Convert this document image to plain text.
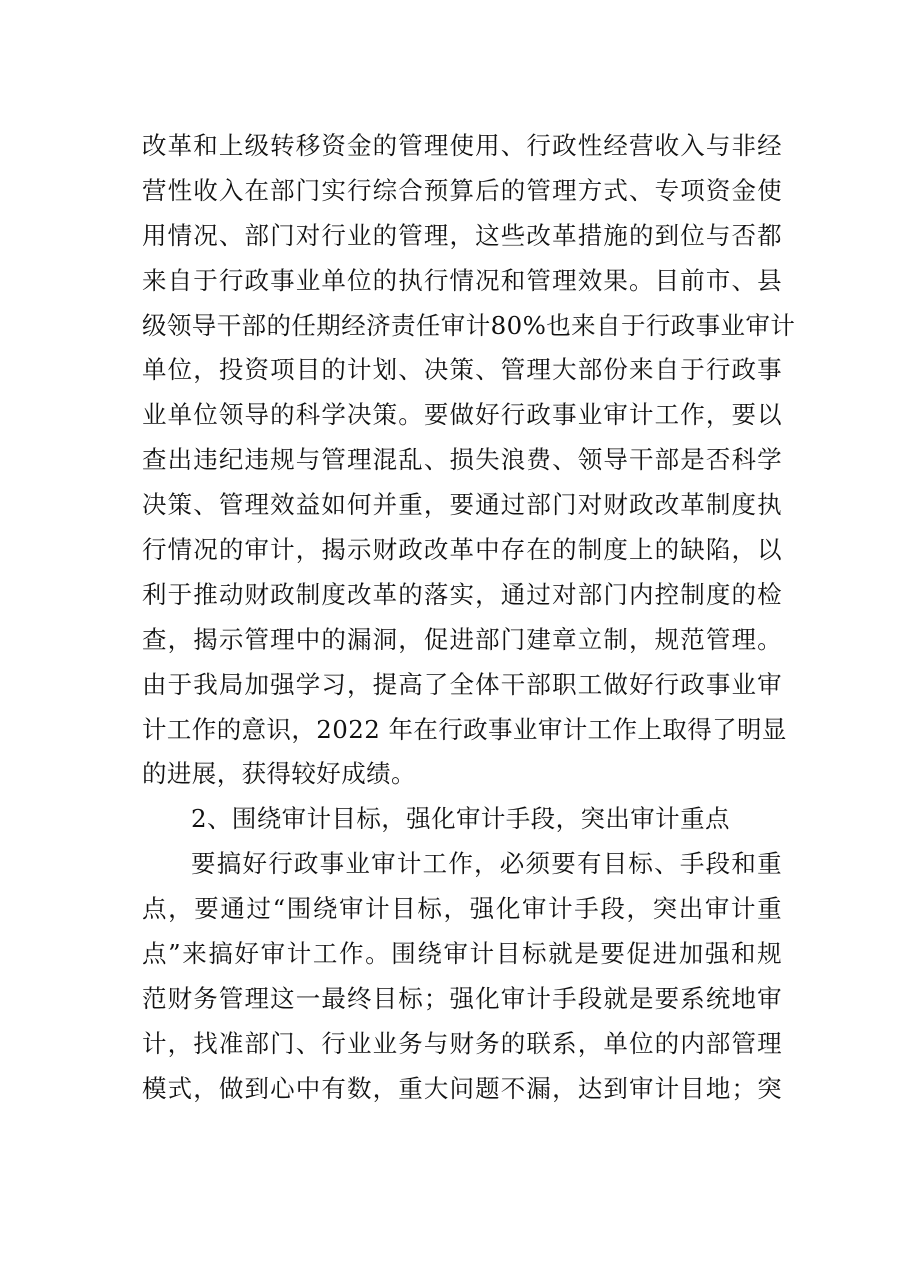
改革和上级转移资金的管理使用、行政性经营收入与非经
营性收入在部门实行综合预算后的管理方式、专项资金使
用情况、部门对行业的管理，这些改革措施的到位与否都
来自于行政事业单位的执行情况和管理效果。目前市、县
级领导干部的任期经济责任审计80%也来自于行政事业审计
单位，投资项目的计划、决策、管理大部份来自于行政事
业单位领导的科学决策。要做好行政事业审计工作，要以
查出违纪违规与管理混乱、损失浪费、领导干部是否科学
决策、管理效益如何并重，要通过部门对财政改革制度执
行情况的审计，揭示财政改革中存在的制度上的缺陷，以
利于推动财政制度改革的落实，通过对部门内控制度的检
查，揭示管理中的漏洞，促进部门建章立制，规范管理。
由于我局加强学习，提高了全体干部职工做好行政事业审
计工作的意识，2022 年在行政事业审计工作上取得了明显
的进展，获得较好成绩。
2、围绕审计目标，强化审计手段，突出审计重点
要搞好行政事业审计工作，必须要有目标、手段和重
点，要通过“围绕审计目标，强化审计手段，突出审计重
点”来搞好审计工作。围绕审计目标就是要促进加强和规
范财务管理这一最终目标；强化审计手段就是要系统地审
计，找准部门、行业业务与财务的联系，单位的内部管理
模式，做到心中有数，重大问题不漏，达到审计目地；突
